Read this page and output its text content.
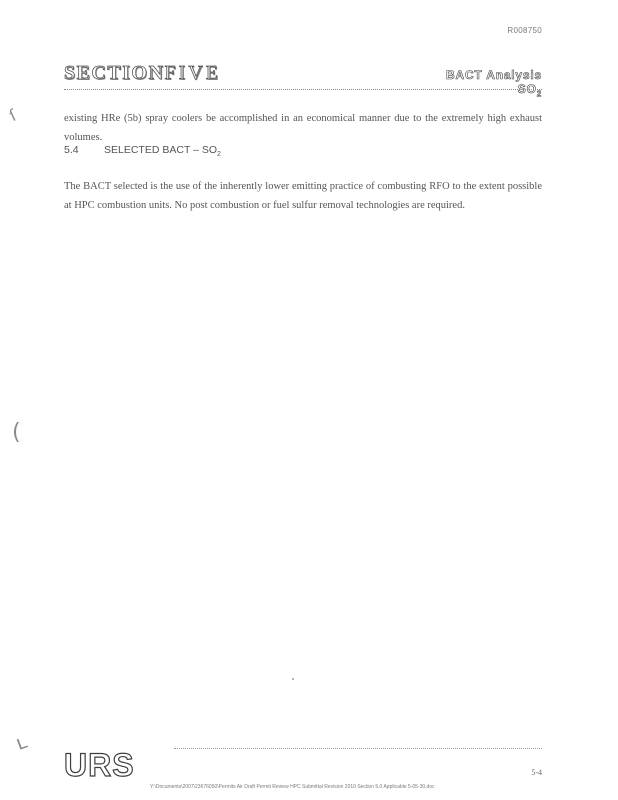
R008750
SECTIONFIVE	BACT Analysis $SO_2$
ſ	existing HRe (5b) spray coolers be accomplished in an economical manner due to the extremely high exhaust volumes.

5.4 SELECTED BACT – $SO_2$

The BACT selected is the use of the inherently lower emitting practice of combusting RFO to the extent possible at HPC combustion units. No post combustion or fuel sulfur removal technologies are required.

(
ʟ
URS	5-4
Y:\Documents\2007\23676050\Permits Air Draft Permit Review HPC Submittal Revision 2010 Section 5.0 Applicable 5-05-30.doc
